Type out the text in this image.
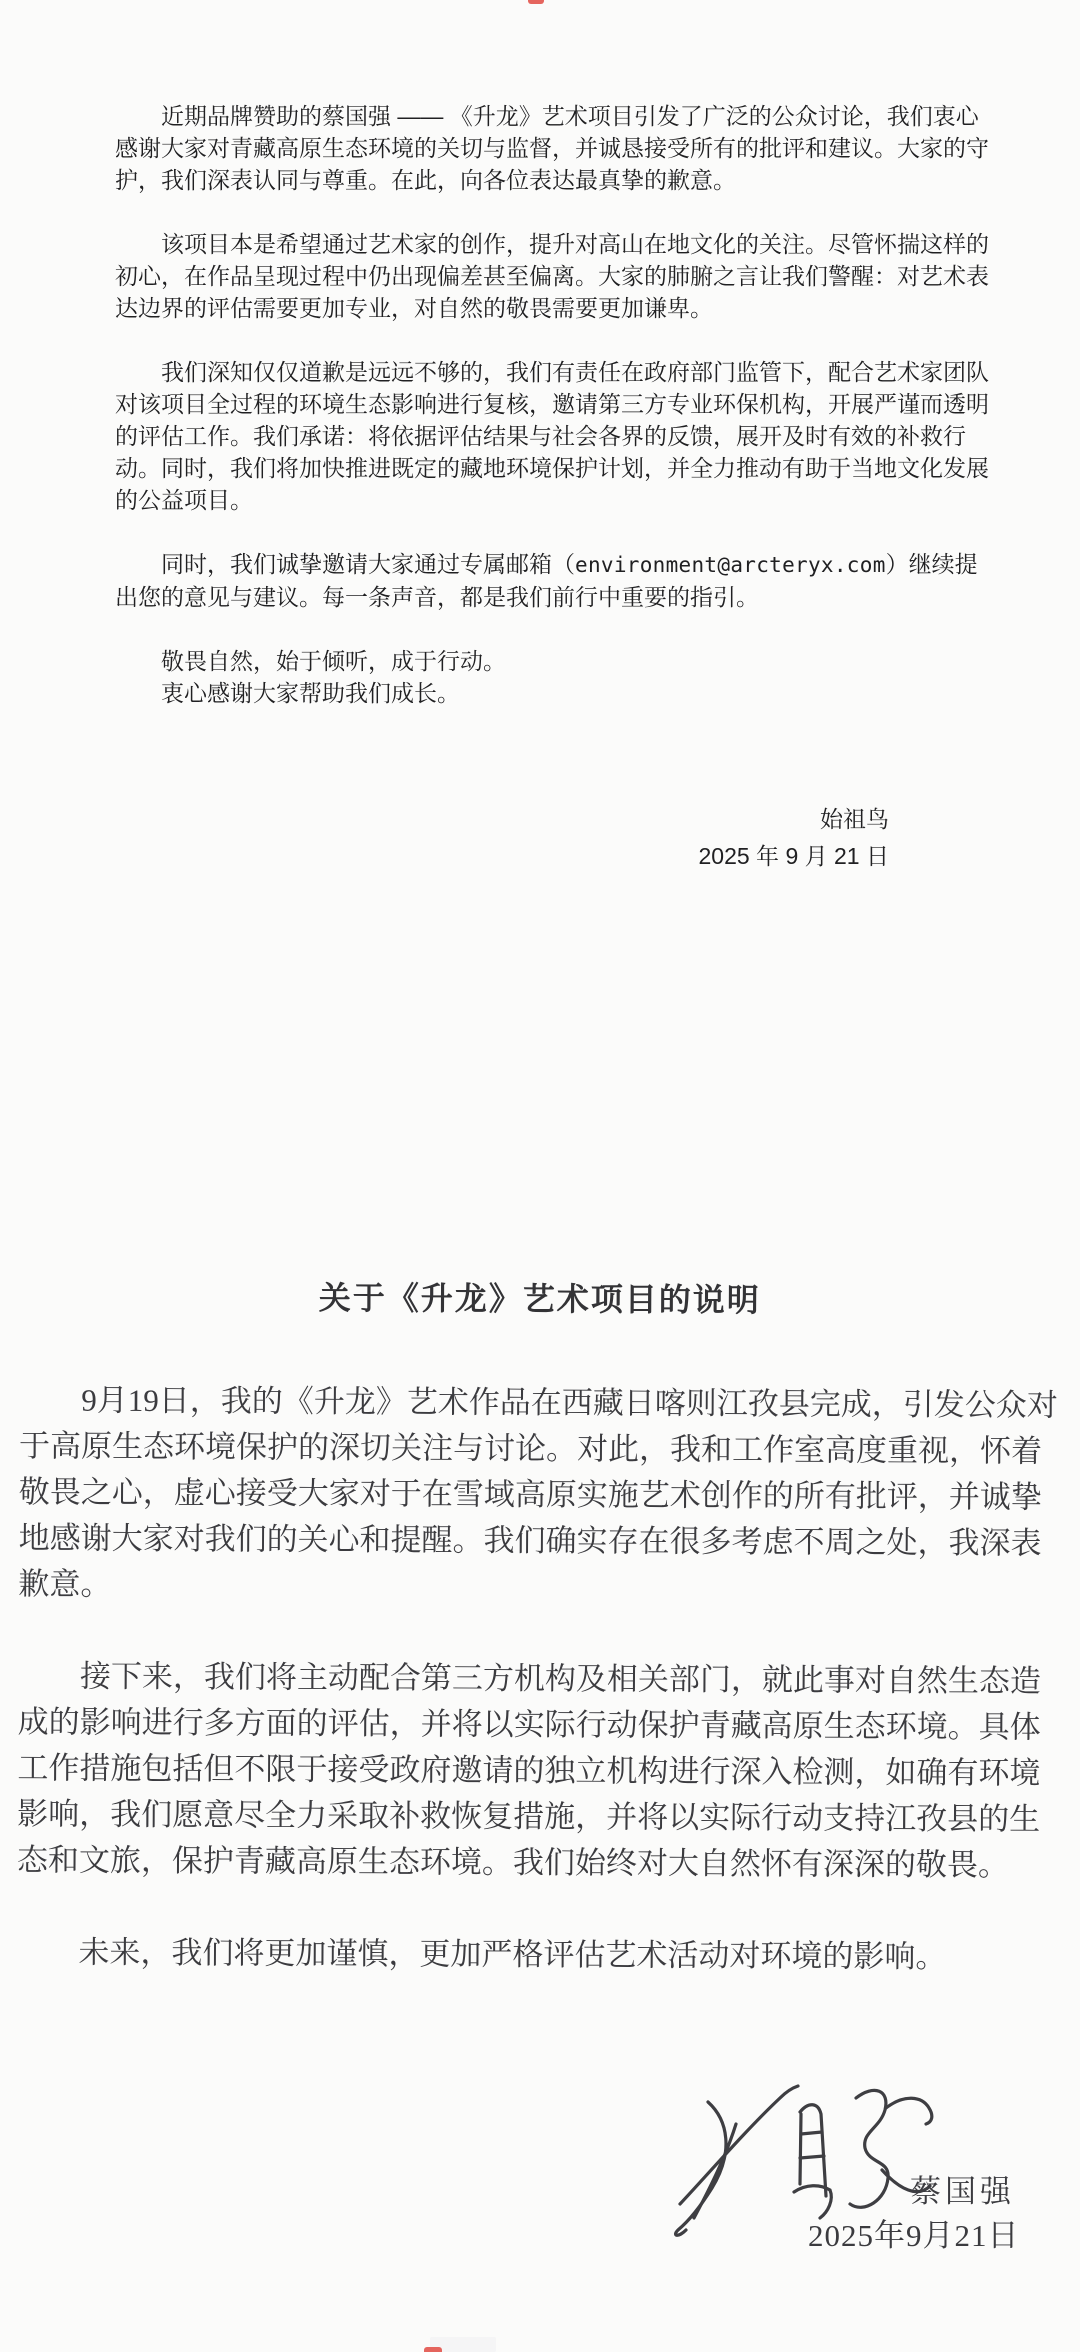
近期品牌赞助的蔡国强 —— 《升龙》艺术项目引发了广泛的公众讨论，我们衷心感谢大家对青藏高原生态环境的关切与监督，并诚恳接受所有的批评和建议。大家的守护，我们深表认同与尊重。在此，向各位表达最真挚的歉意。

该项目本是希望通过艺术家的创作，提升对高山在地文化的关注。尽管怀揣这样的初心，在作品呈现过程中仍出现偏差甚至偏离。大家的肺腑之言让我们警醒：对艺术表达边界的评估需要更加专业，对自然的敬畏需要更加谦卑。

我们深知仅仅道歉是远远不够的，我们有责任在政府部门监管下，配合艺术家团队对该项目全过程的环境生态影响进行复核，邀请第三方专业环保机构，开展严谨而透明的评估工作。我们承诺：将依据评估结果与社会各界的反馈，展开及时有效的补救行动。同时，我们将加快推进既定的藏地环境保护计划，并全力推动有助于当地文化发展的公益项目。

同时，我们诚挚邀请大家通过专属邮箱（environment@arcteryx.com）继续提出您的意见与建议。每一条声音，都是我们前行中重要的指引。

敬畏自然，始于倾听，成于行动。

衷心感谢大家帮助我们成长。

始祖鸟
2025 年 9 月 21 日
关于《升龙》艺术项目的说明

9月19日，我的《升龙》艺术作品在西藏日喀则江孜县完成，引发公众对于高原生态环境保护的深切关注与讨论。对此，我和工作室高度重视，怀着敬畏之心，虚心接受大家对于在雪域高原实施艺术创作的所有批评，并诚挚地感谢大家对我们的关心和提醒。我们确实存在很多考虑不周之处，我深表歉意。

接下来，我们将主动配合第三方机构及相关部门，就此事对自然生态造成的影响进行多方面的评估，并将以实际行动保护青藏高原生态环境。具体工作措施包括但不限于接受政府邀请的独立机构进行深入检测，如确有环境影响，我们愿意尽全力采取补救恢复措施，并将以实际行动支持江孜县的生态和文旅，保护青藏高原生态环境。我们始终对大自然怀有深深的敬畏。

未来，我们将更加谨慎，更加严格评估艺术活动对环境的影响。

蔡国强
2025年9月21日
